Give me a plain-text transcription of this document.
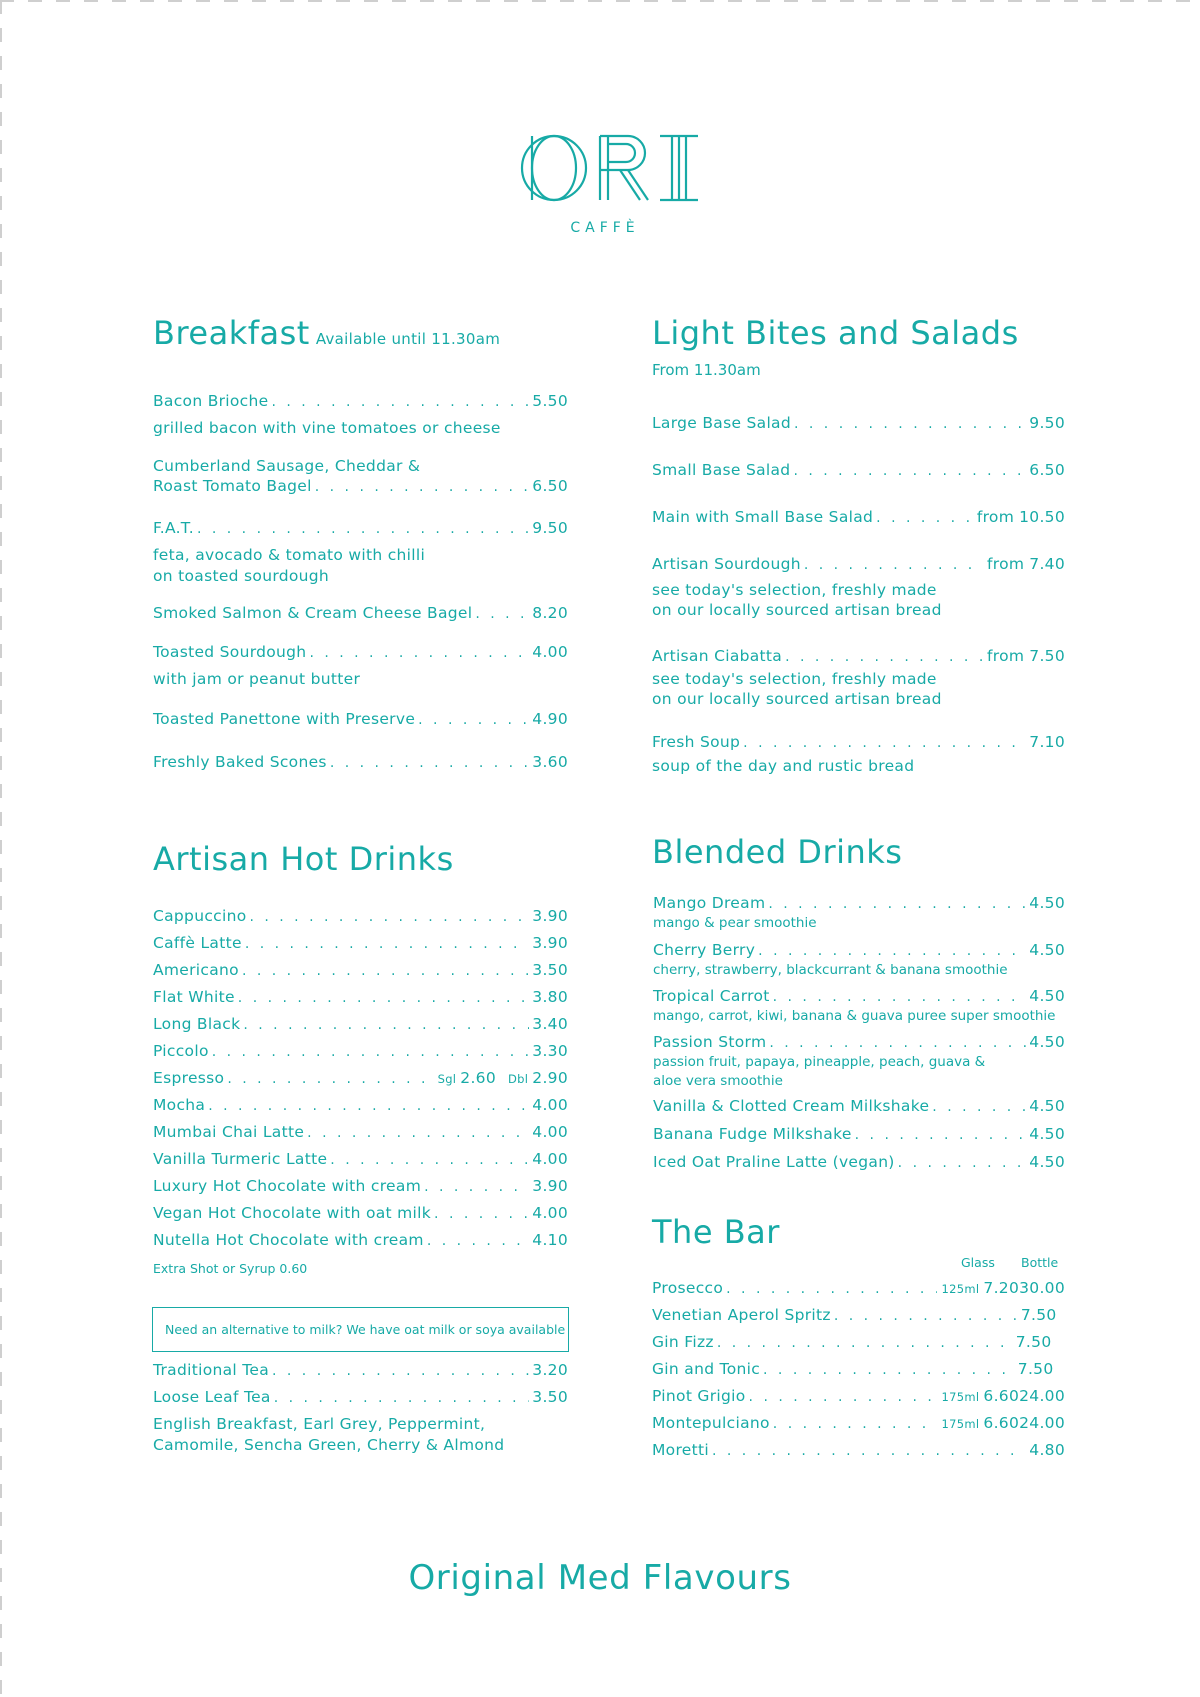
CAFFÈ
Breakfast Available until 11.30am
Bacon Brioche . . .	5.50
grilled bacon with vine tomatoes or cheese
Cumberland Sausage, Cheddar &
Roast Tomato Bagel . . .	6.50
F.A.T. . . .	9.50
feta, avocado & tomato with chilli
on toasted sourdough
Smoked Salmon & Cream Cheese Bagel . . .	8.20
Toasted Sourdough . . .	4.00
with jam or peanut butter
Toasted Panettone with Preserve . . .	4.90
Freshly Baked Scones . . .	3.60
Light Bites and Salads
From 11.30am
Large Base Salad . . .	9.50
Small Base Salad . . .	6.50
Main with Small Base Salad . . .	from 10.50
Artisan Sourdough . . .	from 7.40
see today's selection, freshly made
on our locally sourced artisan bread
Artisan Ciabatta . . .	from 7.50
see today's selection, freshly made
on our locally sourced artisan bread
Fresh Soup . . .	7.10
soup of the day and rustic bread
Artisan Hot Drinks
Cappuccino . . .	3.90
Caffè Latte . . .	3.90
Americano . . .	3.50
Flat White . . .	3.80
Long Black . . .	3.40
Piccolo . . .	3.30
Espresso . . .	Sgl 2.60 Dbl 2.90
Mocha . . .	4.00
Mumbai Chai Latte . . .	4.00
Vanilla Turmeric Latte . . .	4.00
Luxury Hot Chocolate
with cream . . .	3.90
Vegan Hot Chocolate
with oat milk . . .	4.00
Nutella Hot Chocolate
with cream . . .	4.10
Extra Shot or Syrup 0.60
Need an alternative to milk? We have oat milk or soya available
Traditional Tea . . .	3.20
Loose Leaf Tea . . .	3.50
English Breakfast, Earl Grey, Peppermint,
Camomile, Sencha Green, Cherry & Almond
Blended Drinks
Mango Dream . . .	4.50
mango & pear smoothie
Cherry Berry . . .	4.50
cherry, strawberry, blackcurrant & banana smoothie
Tropical Carrot . . .	4.50
mango, carrot, kiwi, banana & guava puree super smoothie
Passion Storm . . .	4.50
passion fruit, papaya, pineapple, peach, guava &
aloe vera smoothie
Vanilla & Clotted Cream Milkshake . . .	4.50
Banana Fudge Milkshake . . .	4.50
Iced Oat Praline Latte (vegan) . . .	4.50
The Bar
Glass Bottle
Prosecco . . .	125ml 7.20 30.00
Venetian Aperol Spritz . . .	7.50
Gin Fizz . . .	7.50
Gin and Tonic . . .	7.50
Pinot Grigio . . .	175ml 6.60 24.00
Montepulciano . . .	175ml 6.60 24.00
Moretti . . .	4.80
Original Med Flavours
